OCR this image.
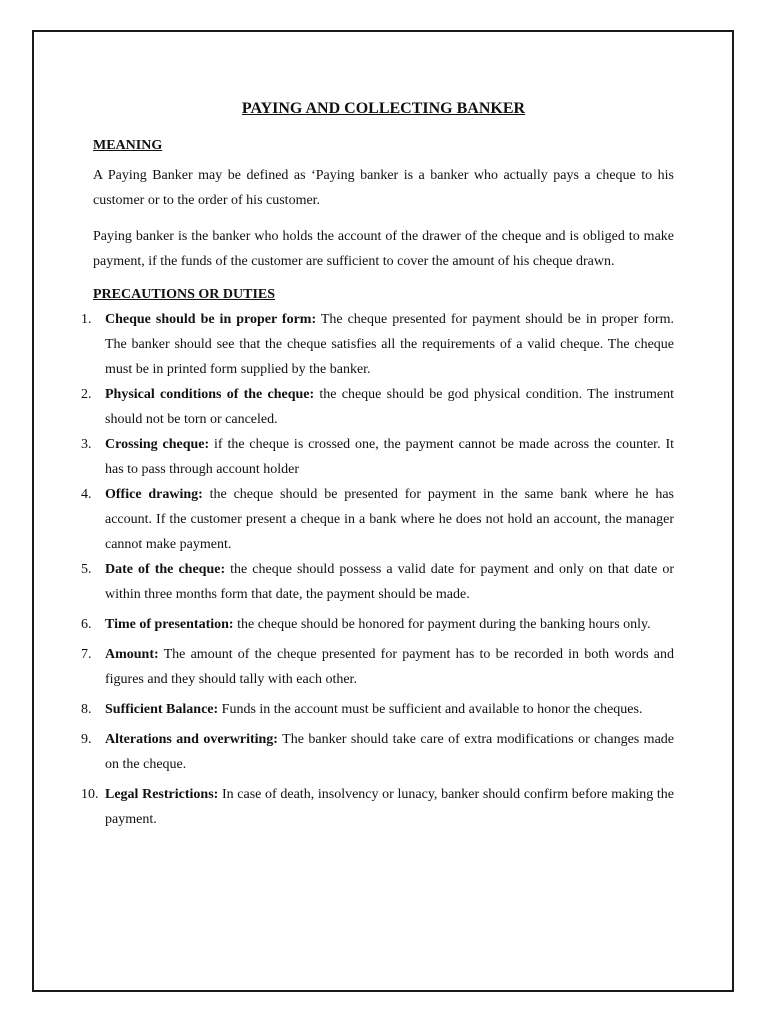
PAYING AND COLLECTING BANKER
MEANING

A Paying Banker may be defined as ‘Paying banker is a banker who actually pays a cheque to his customer or to the order of his customer.

Paying banker is the banker who holds the account of the drawer of the cheque and is obliged to make payment, if the funds of the customer are sufficient to cover the amount of his cheque drawn.

PRECAUTIONS OR DUTIES
1. Cheque should be in proper form: The cheque presented for payment should be in proper form. The banker should see that the cheque satisfies all the requirements of a valid cheque. The cheque must be in printed form supplied by the banker.
2. Physical conditions of the cheque: the cheque should be god physical condition. The instrument should not be torn or canceled.
3. Crossing cheque: if the cheque is crossed one, the payment cannot be made across the counter. It has to pass through account holder
4. Office drawing: the cheque should be presented for payment in the same bank where he has account. If the customer present a cheque in a bank where he does not hold an account, the manager cannot make payment.
5. Date of the cheque: the cheque should possess a valid date for payment and only on that date or within three months form that date, the payment should be made.
6. Time of presentation: the cheque should be honored for payment during the banking hours only.
7. Amount: The amount of the cheque presented for payment has to be recorded in both words and figures and they should tally with each other.
8. Sufficient Balance: Funds in the account must be sufficient and available to honor the cheques.
9. Alterations and overwriting: The banker should take care of extra modifications or changes made on the cheque.
10. Legal Restrictions: In case of death, insolvency or lunacy, banker should confirm before making the payment.
